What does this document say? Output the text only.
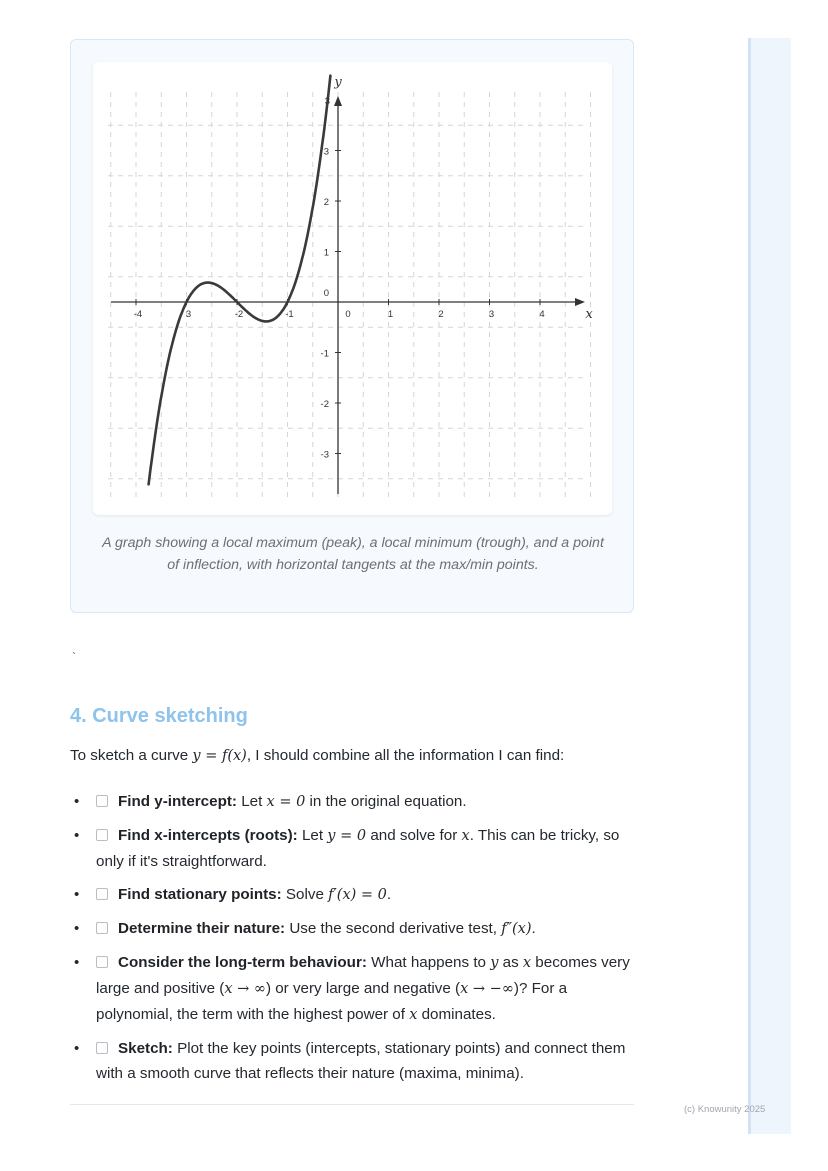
-4	3	-2	-1	0	1	2	3	4
3
2
1
-1
-2
-3
0
3
x
y

A graph showing a local maximum (peak), a local minimum (trough), and a point of inflection, with horizontal tangents at the max/min points.

`
4. Curve sketching

To sketch a curve y = f(x), I should combine all the information I can find:

•	Find y-intercept: Let x = 0 in the original equation.
•	Find x-intercepts (roots): Let y = 0 and solve for x. This can be tricky, so only if it's straightforward.
•	Find stationary points: Solve f′(x) = 0.
•	Determine their nature: Use the second derivative test, f″(x).
•	Consider the long-term behaviour: What happens to y as x becomes very large and positive (x → ∞) or very large and negative (x → −∞)? For a polynomial, the term with the highest power of x dominates.
•	Sketch: Plot the key points (intercepts, stationary points) and connect them with a smooth curve that reflects their nature (maxima, minima).
(c) Knowunity 2025
